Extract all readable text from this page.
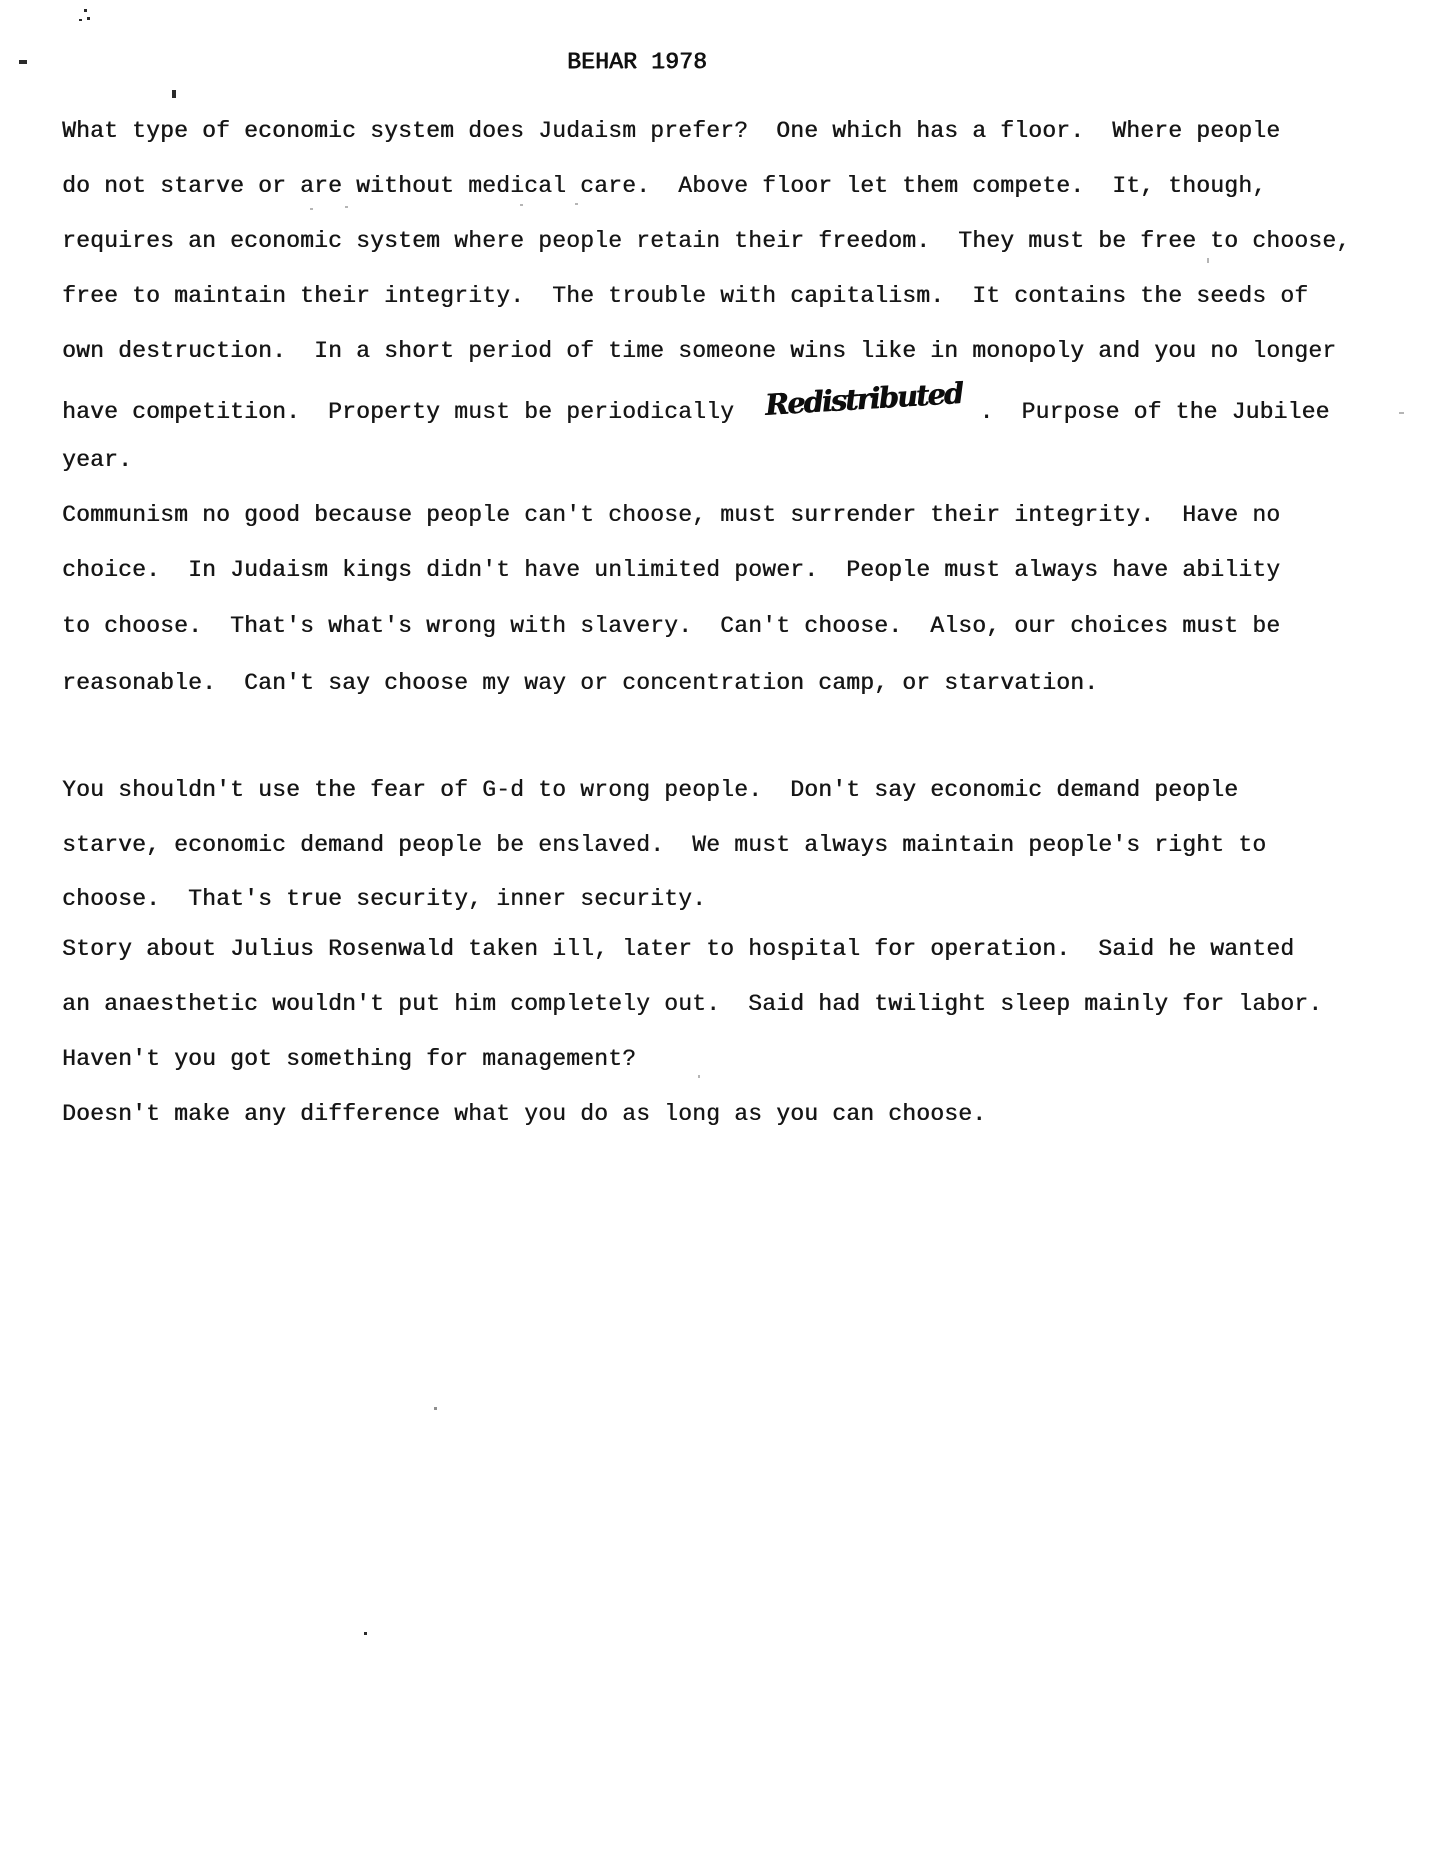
BEHAR 1978
What type of economic system does Judaism prefer?  One which has a floor.  Where people
do not starve or are without medical care.  Above floor let them compete.  It, though,
requires an economic system where people retain their freedom.  They must be free to choose,
free to maintain their integrity.  The trouble with capitalism.  It contains the seeds of
own destruction.  In a short period of time someone wins like in monopoly and you no longer
have competition.  Property must be periodically Redistributed .  Purpose of the Jubilee
year.
Communism no good because people can't choose, must surrender their integrity.  Have no
choice.  In Judaism kings didn't have unlimited power.  People must always have ability
to choose.  That's what's wrong with slavery.  Can't choose.  Also, our choices must be
reasonable.  Can't say choose my way or concentration camp, or starvation.
You shouldn't use the fear of G-d to wrong people.  Don't say economic demand people
starve, economic demand people be enslaved.  We must always maintain people's right to
choose.  That's true security, inner security.
Story about Julius Rosenwald taken ill, later to hospital for operation.  Said he wanted
an anaesthetic wouldn't put him completely out.  Said had twilight sleep mainly for labor.
Haven't you got something for management?
Doesn't make any difference what you do as long as you can choose.
